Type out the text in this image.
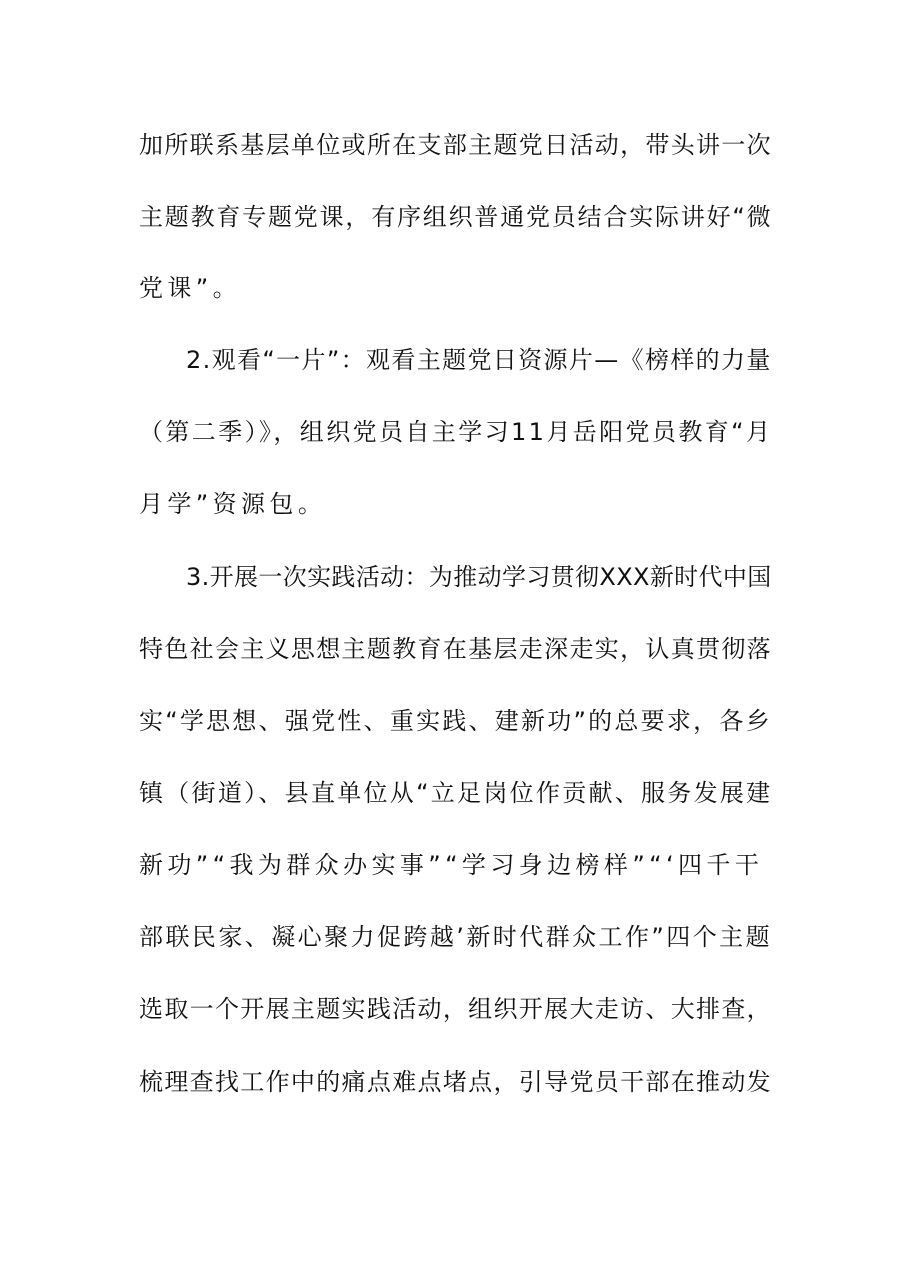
加所联系基层单位或所在支部主题党日活动，带头讲一次
主题教育专题党课，有序组织普通党员结合实际讲好“微
党课”。
2.观看“一片”：观看主题党日资源片—《榜样的力量
（第二季）》，组织党员自主学习11月岳阳党员教育“月
月学”资源包。
3.开展一次实践活动：为推动学习贯彻XXX新时代中国
特色社会主义思想主题教育在基层走深走实，认真贯彻落
实“学思想、强党性、重实践、建新功”的总要求，各乡
镇（街道）、县直单位从“立足岗位作贡献、服务发展建
新功”“我为群众办实事”“学习身边榜样”“‘四千干
部联民家、凝心聚力促跨越’新时代群众工作”四个主题
选取一个开展主题实践活动，组织开展大走访、大排查，
梳理查找工作中的痛点难点堵点，引导党员干部在推动发
